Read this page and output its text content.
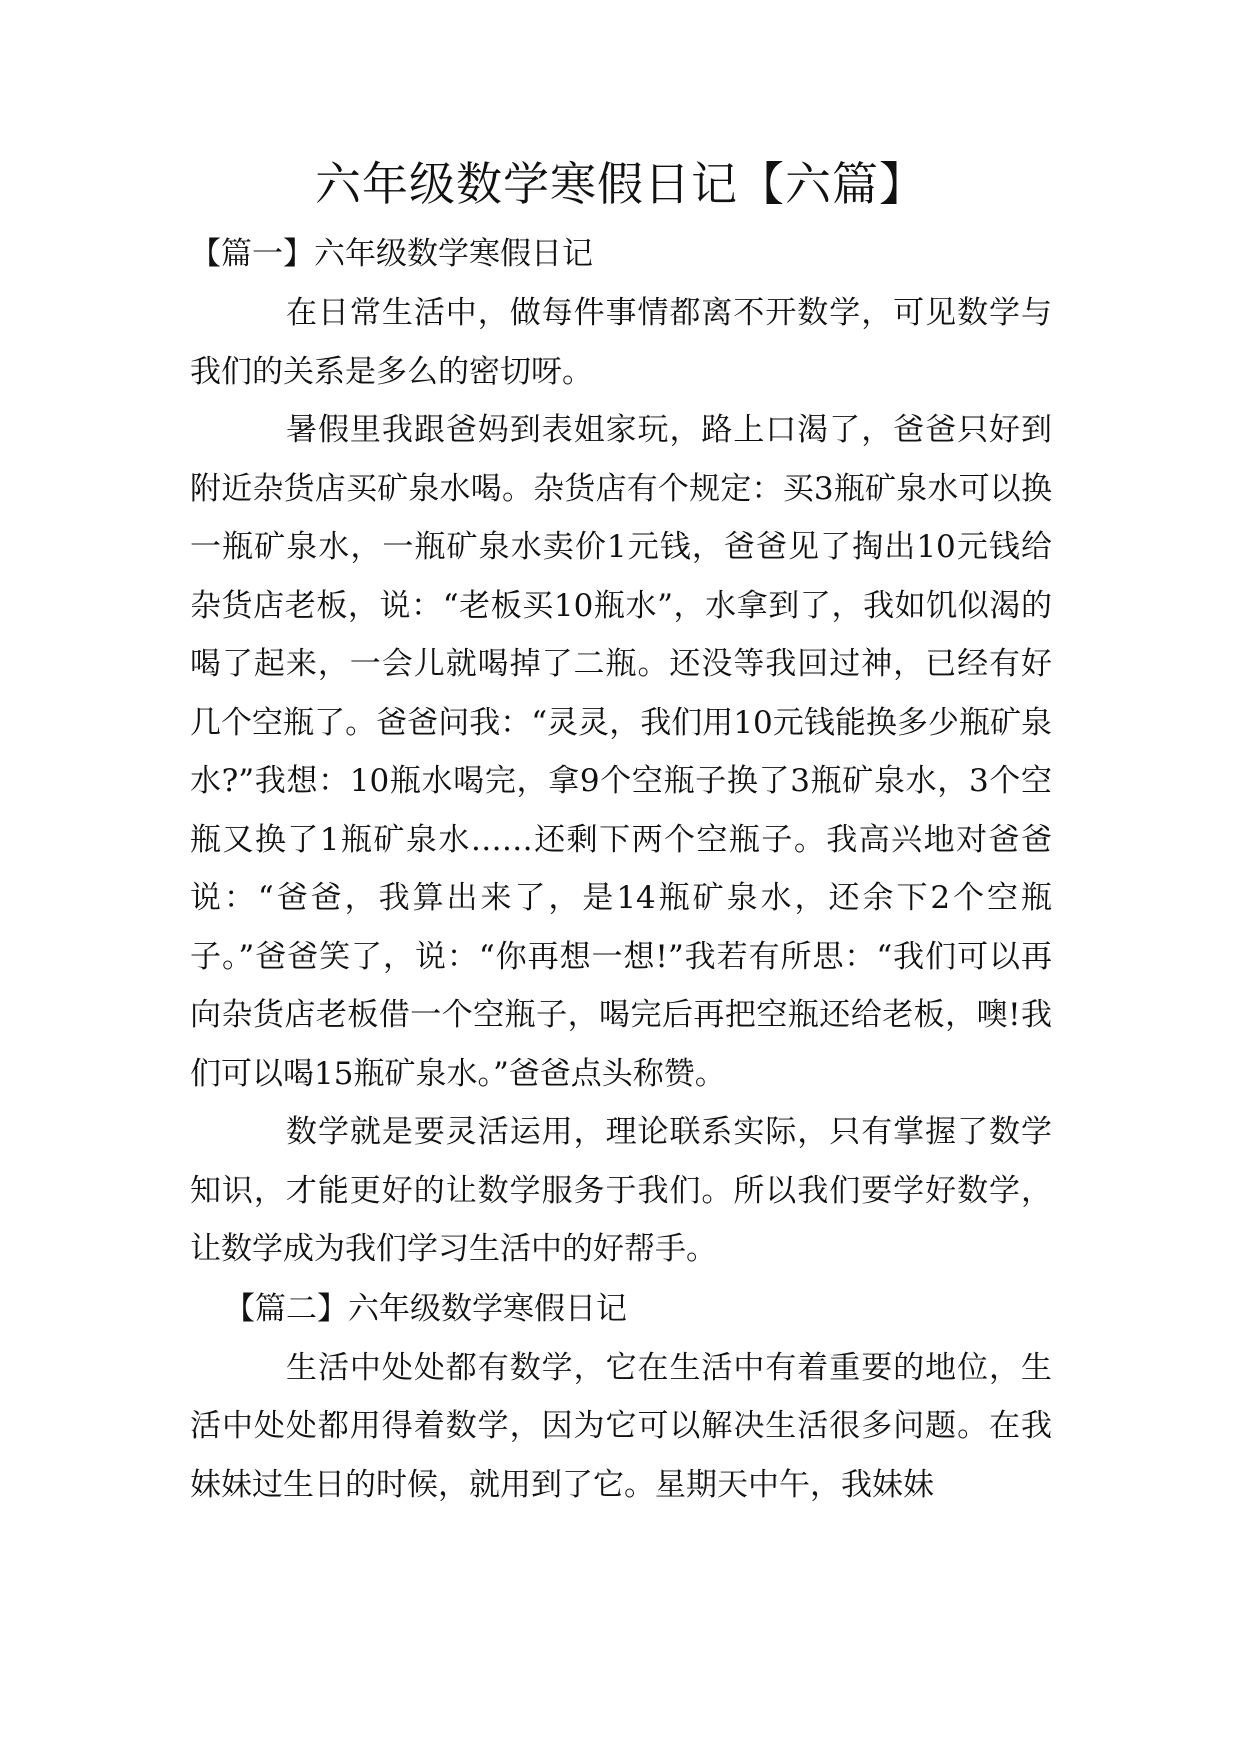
六年级数学寒假日记【六篇】
【篇一】六年级数学寒假日记

在日常生活中，做每件事情都离不开数学，可见数学与我们的关系是多么的密切呀。

暑假里我跟爸妈到表姐家玩，路上口渴了，爸爸只好到附近杂货店买矿泉水喝。杂货店有个规定：买3瓶矿泉水可以换一瓶矿泉水，一瓶矿泉水卖价1元钱，爸爸见了掏出10元钱给杂货店老板，说：“老板买10瓶水”，水拿到了，我如饥似渴的喝了起来，一会儿就喝掉了二瓶。还没等我回过神，已经有好几个空瓶了。爸爸问我：“灵灵，我们用10元钱能换多少瓶矿泉水?”我想：10瓶水喝完，拿9个空瓶子换了3瓶矿泉水，3个空瓶又换了1瓶矿泉水……还剩下两个空瓶子。我高兴地对爸爸说：“爸爸，我算出来了，是14瓶矿泉水，还余下2个空瓶子。”爸爸笑了，说：“你再想一想!”我若有所思：“我们可以再向杂货店老板借一个空瓶子，喝完后再把空瓶还给老板，噢!我们可以喝15瓶矿泉水。”爸爸点头称赞。

数学就是要灵活运用，理论联系实际，只有掌握了数学知识，才能更好的让数学服务于我们。所以我们要学好数学，让数学成为我们学习生活中的好帮手。

【篇二】六年级数学寒假日记

生活中处处都有数学，它在生活中有着重要的地位，生活中处处都用得着数学，因为它可以解决生活很多问题。在我妹妹过生日的时候，就用到了它。星期天中午，我妹妹
